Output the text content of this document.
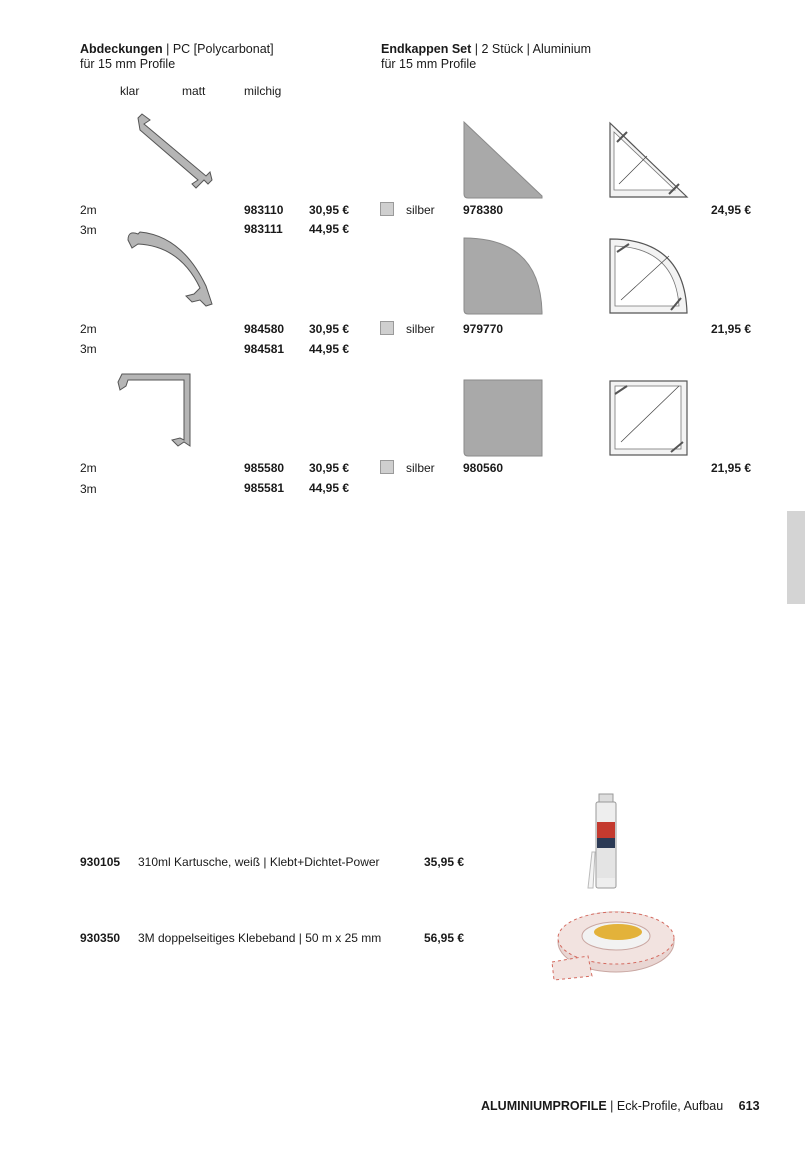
Abdeckungen | PC [Polycarbonat]
für 15 mm Profile
Endkappen Set | 2 Stück | Aluminium
für 15 mm Profile
klar	matt	milchig
2m	983110 30,95 €
3m	983111 44,95 €
2m	984580 30,95 €
3m	984581 44,95 €
2m	985580 30,95 €
3m	985581 44,95 €
silber 978380	24,95 €
silber 979770	21,95 €
silber 980560	21,95 €
930105 310ml Kartusche, weiß | Klebt+Dichtet-Power	35,95 €
930350 3M doppelseitiges Klebeband | 50 m x 25 mm	56,95 €
ALUMINIUMPROFILE | Eck-Profile, Aufbau 613
